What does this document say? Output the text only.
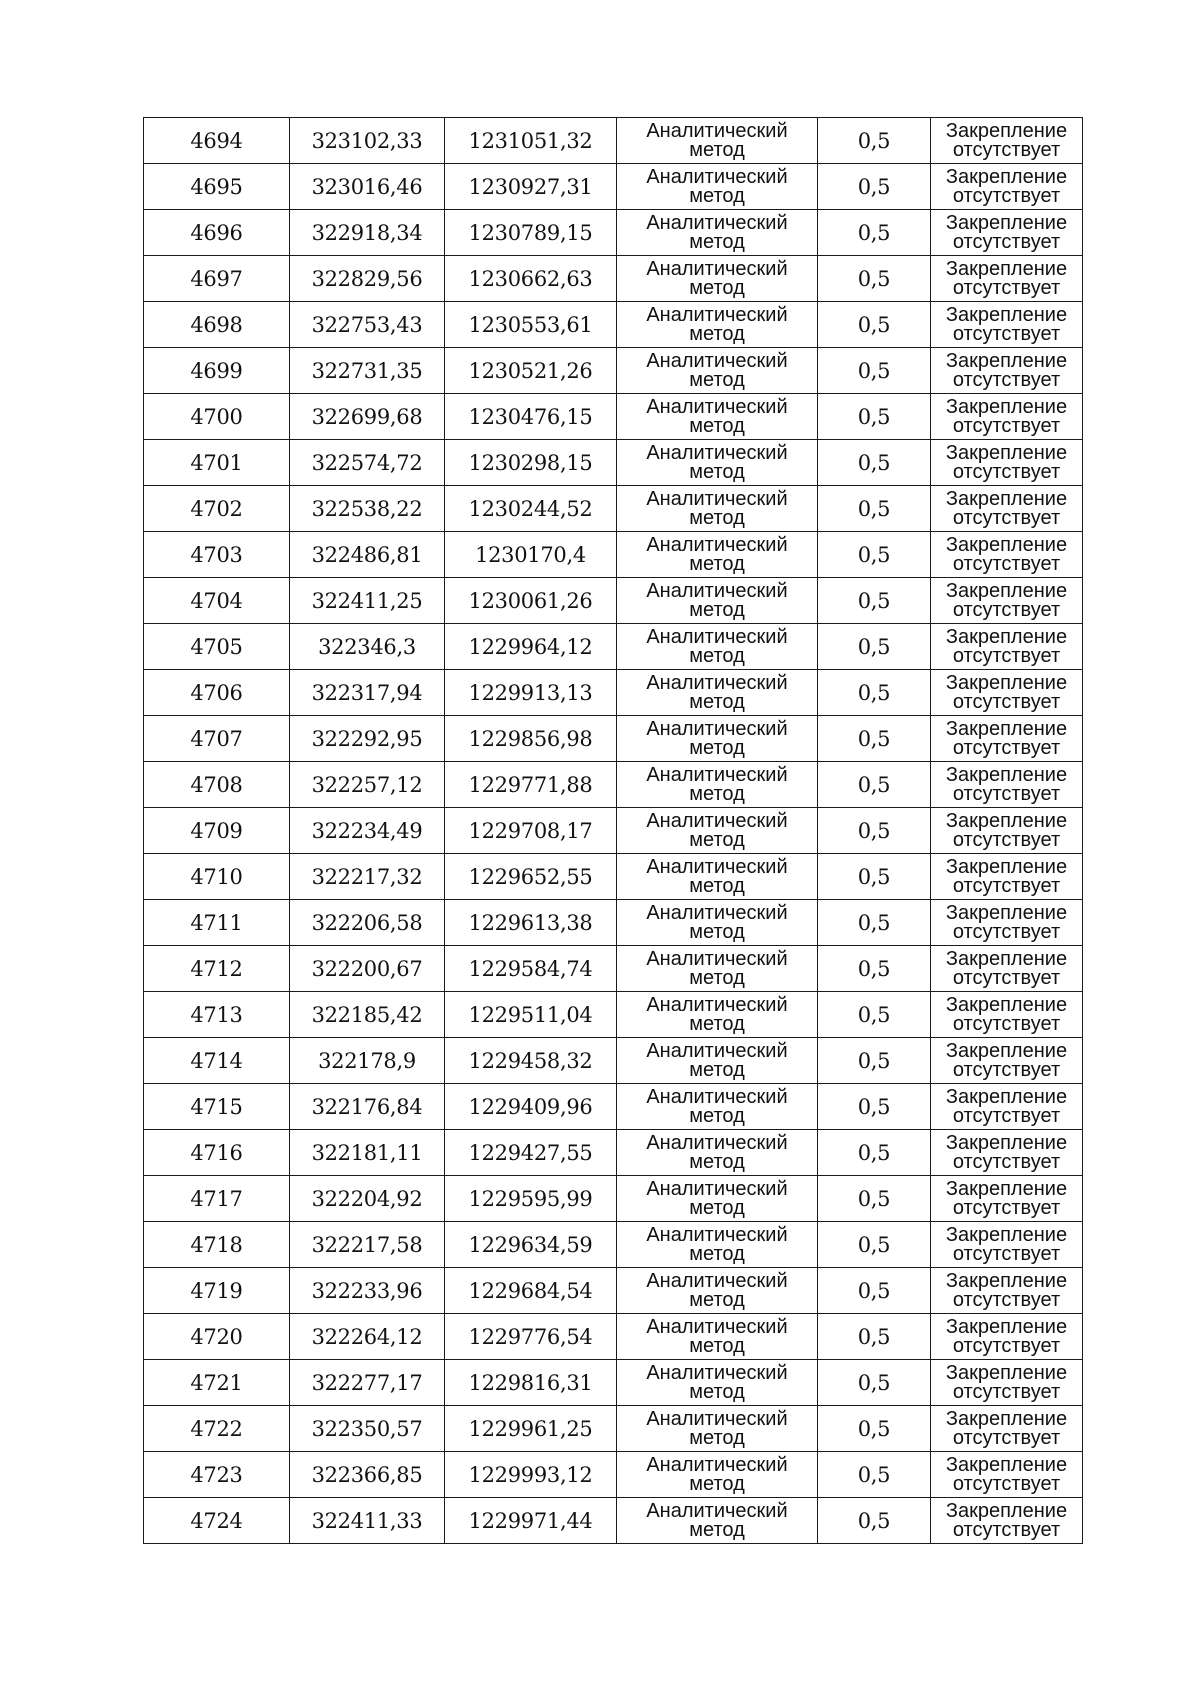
4694	323102,33	1231051,32	Аналитический
метод	0,5	Закрепление
отсутствует

4695	323016,46	1230927,31	Аналитический
метод	0,5	Закрепление
отсутствует

4696	322918,34	1230789,15	Аналитический
метод	0,5	Закрепление
отсутствует

4697	322829,56	1230662,63	Аналитический
метод	0,5	Закрепление
отсутствует

4698	322753,43	1230553,61	Аналитический
метод	0,5	Закрепление
отсутствует

4699	322731,35	1230521,26	Аналитический
метод	0,5	Закрепление
отсутствует

4700	322699,68	1230476,15	Аналитический
метод	0,5	Закрепление
отсутствует

4701	322574,72	1230298,15	Аналитический
метод	0,5	Закрепление
отсутствует

4702	322538,22	1230244,52	Аналитический
метод	0,5	Закрепление
отсутствует

4703	322486,81	1230170,4	Аналитический
метод	0,5	Закрепление
отсутствует

4704	322411,25	1230061,26	Аналитический
метод	0,5	Закрепление
отсутствует

4705	322346,3	1229964,12	Аналитический
метод	0,5	Закрепление
отсутствует

4706	322317,94	1229913,13	Аналитический
метод	0,5	Закрепление
отсутствует

4707	322292,95	1229856,98	Аналитический
метод	0,5	Закрепление
отсутствует

4708	322257,12	1229771,88	Аналитический
метод	0,5	Закрепление
отсутствует

4709	322234,49	1229708,17	Аналитический
метод	0,5	Закрепление
отсутствует

4710	322217,32	1229652,55	Аналитический
метод	0,5	Закрепление
отсутствует

4711	322206,58	1229613,38	Аналитический
метод	0,5	Закрепление
отсутствует

4712	322200,67	1229584,74	Аналитический
метод	0,5	Закрепление
отсутствует

4713	322185,42	1229511,04	Аналитический
метод	0,5	Закрепление
отсутствует

4714	322178,9	1229458,32	Аналитический
метод	0,5	Закрепление
отсутствует

4715	322176,84	1229409,96	Аналитический
метод	0,5	Закрепление
отсутствует

4716	322181,11	1229427,55	Аналитический
метод	0,5	Закрепление
отсутствует

4717	322204,92	1229595,99	Аналитический
метод	0,5	Закрепление
отсутствует

4718	322217,58	1229634,59	Аналитический
метод	0,5	Закрепление
отсутствует

4719	322233,96	1229684,54	Аналитический
метод	0,5	Закрепление
отсутствует

4720	322264,12	1229776,54	Аналитический
метод	0,5	Закрепление
отсутствует

4721	322277,17	1229816,31	Аналитический
метод	0,5	Закрепление
отсутствует

4722	322350,57	1229961,25	Аналитический
метод	0,5	Закрепление
отсутствует

4723	322366,85	1229993,12	Аналитический
метод	0,5	Закрепление
отсутствует

4724	322411,33	1229971,44	Аналитический
метод	0,5	Закрепление
отсутствует
